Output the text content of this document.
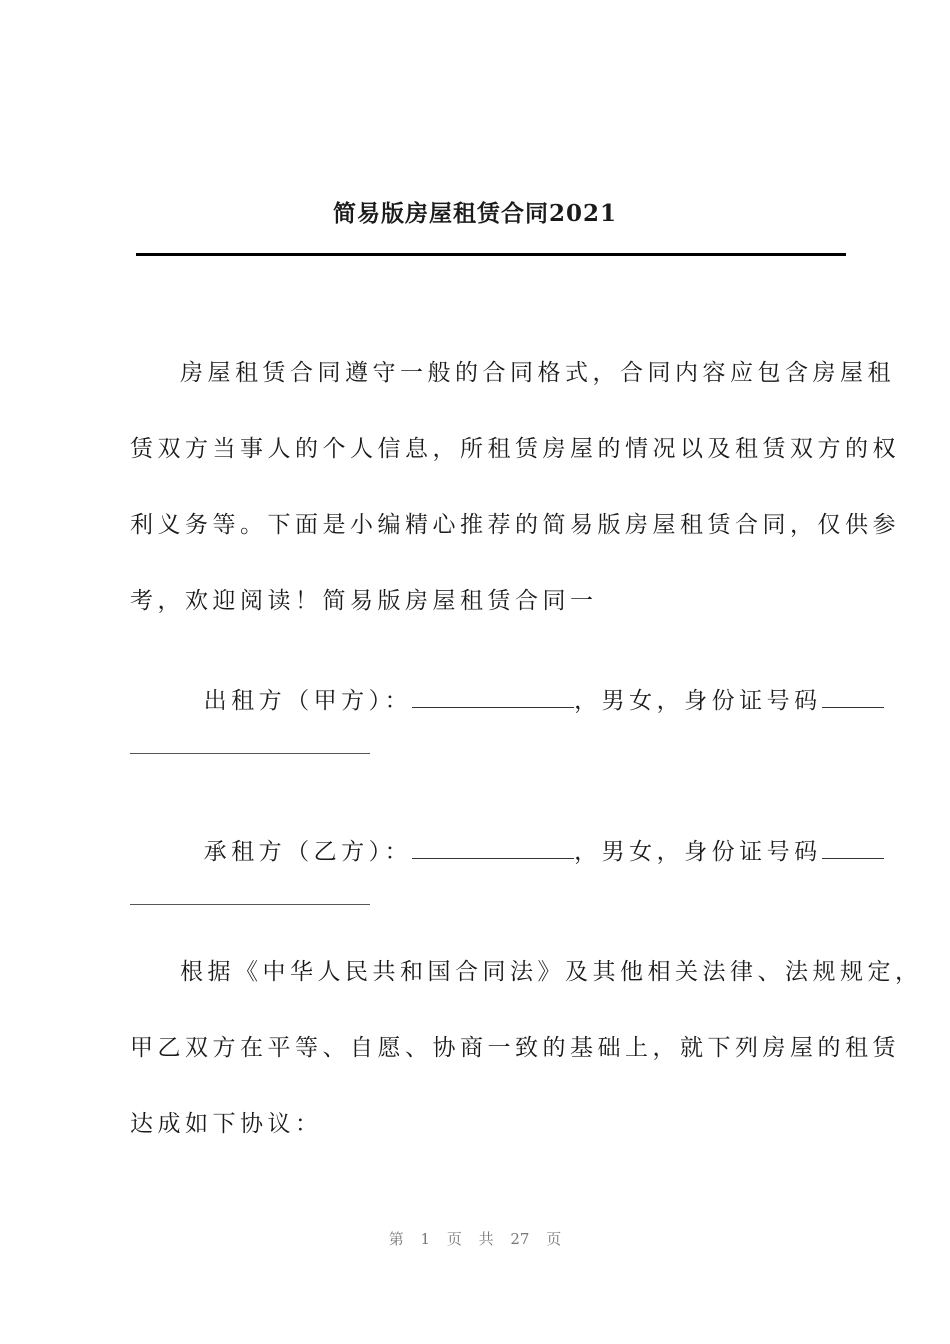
简易版房屋租赁合同2021
房屋租赁合同遵守一般的合同格式，合同内容应包含房屋租
赁双方当事人的个人信息，所租赁房屋的情况以及租赁双方的权
利义务等。下面是小编精心推荐的简易版房屋租赁合同，仅供参
考，欢迎阅读！简易版房屋租赁合同一

出租方（甲方）：	，男女，身份证号码

承租方（乙方）：	，男女，身份证号码

根据《中华人民共和国合同法》及其他相关法律、法规规定，
甲乙双方在平等、自愿、协商一致的基础上，就下列房屋的租赁
达成如下协议：
第 1 页 共 27 页
